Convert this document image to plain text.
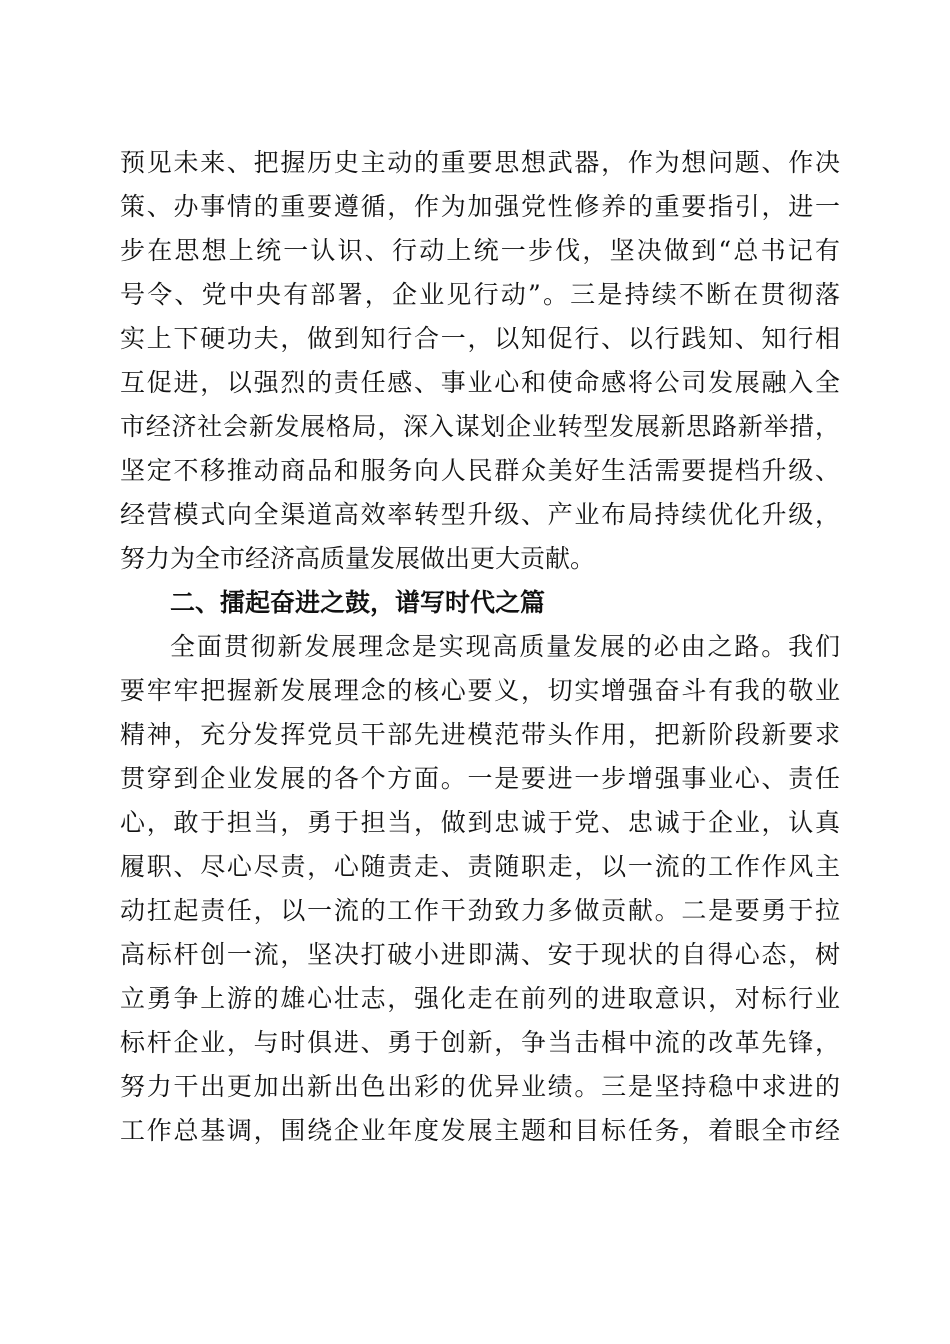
预见未来、把握历史主动的重要思想武器，作为想问题、作决
策、办事情的重要遵循，作为加强党性修养的重要指引，进一
步在思想上统一认识、行动上统一步伐，坚决做到“总书记有
号令、党中央有部署，企业见行动”。三是持续不断在贯彻落
实上下硬功夫，做到知行合一，以知促行、以行践知、知行相
互促进，以强烈的责任感、事业心和使命感将公司发展融入全
市经济社会新发展格局，深入谋划企业转型发展新思路新举措，
坚定不移推动商品和服务向人民群众美好生活需要提档升级、
经营模式向全渠道高效率转型升级、产业布局持续优化升级，
努力为全市经济高质量发展做出更大贡献。
二、擂起奋进之鼓，谱写时代之篇
全面贯彻新发展理念是实现高质量发展的必由之路。我们
要牢牢把握新发展理念的核心要义，切实增强奋斗有我的敬业
精神，充分发挥党员干部先进模范带头作用，把新阶段新要求
贯穿到企业发展的各个方面。一是要进一步增强事业心、责任
心，敢于担当，勇于担当，做到忠诚于党、忠诚于企业，认真
履职、尽心尽责，心随责走、责随职走，以一流的工作作风主
动扛起责任，以一流的工作干劲致力多做贡献。二是要勇于拉
高标杆创一流，坚决打破小进即满、安于现状的自得心态，树
立勇争上游的雄心壮志，强化走在前列的进取意识，对标行业
标杆企业，与时俱进、勇于创新，争当击楫中流的改革先锋，
努力干出更加出新出色出彩的优异业绩。三是坚持稳中求进的
工作总基调，围绕企业年度发展主题和目标任务，着眼全市经
